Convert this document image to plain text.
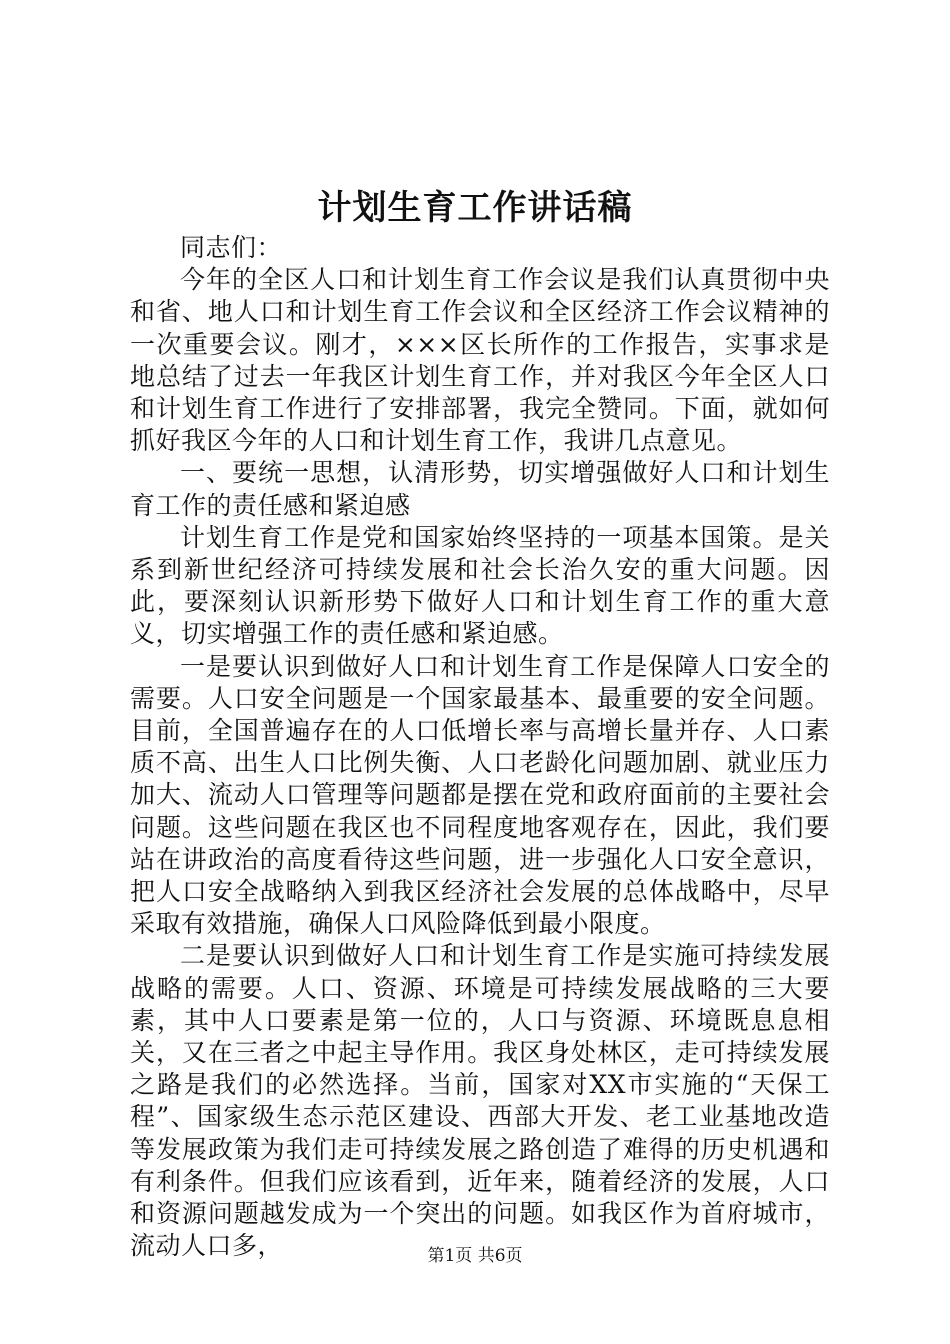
计划生育工作讲话稿

同志们：

今年的全区人口和计划生育工作会议是我们认真贯彻中央和省、地人口和计划生育工作会议和全区经济工作会议精神的一次重要会议。刚才，×××区长所作的工作报告，实事求是地总结了过去一年我区计划生育工作，并对我区今年全区人口和计划生育工作进行了安排部署，我完全赞同。下面，就如何抓好我区今年的人口和计划生育工作，我讲几点意见。

一、要统一思想，认清形势，切实增强做好人口和计划生育工作的责任感和紧迫感

计划生育工作是党和国家始终坚持的一项基本国策。是关系到新世纪经济可持续发展和社会长治久安的重大问题。因此，要深刻认识新形势下做好人口和计划生育工作的重大意义，切实增强工作的责任感和紧迫感。

一是要认识到做好人口和计划生育工作是保障人口安全的需要。人口安全问题是一个国家最基本、最重要的安全问题。目前，全国普遍存在的人口低增长率与高增长量并存、人口素质不高、出生人口比例失衡、人口老龄化问题加剧、就业压力加大、流动人口管理等问题都是摆在党和政府面前的主要社会问题。这些问题在我区也不同程度地客观存在，因此，我们要站在讲政治的高度看待这些问题，进一步强化人口安全意识，把人口安全战略纳入到我区经济社会发展的总体战略中，尽早采取有效措施，确保人口风险降低到最小限度。

二是要认识到做好人口和计划生育工作是实施可持续发展战略的需要。人口、资源、环境是可持续发展战略的三大要素，其中人口要素是第一位的，人口与资源、环境既息息相关，又在三者之中起主导作用。我区身处林区，走可持续发展之路是我们的必然选择。当前，国家对XX市实施的“天保工程”、国家级生态示范区建设、西部大开发、老工业基地改造等发展政策为我们走可持续发展之路创造了难得的历史机遇和有利条件。但我们应该看到，近年来，随着经济的发展，人口和资源问题越发成为一个突出的问题。如我区作为首府城市，流动人口多，	第1页 共6页
